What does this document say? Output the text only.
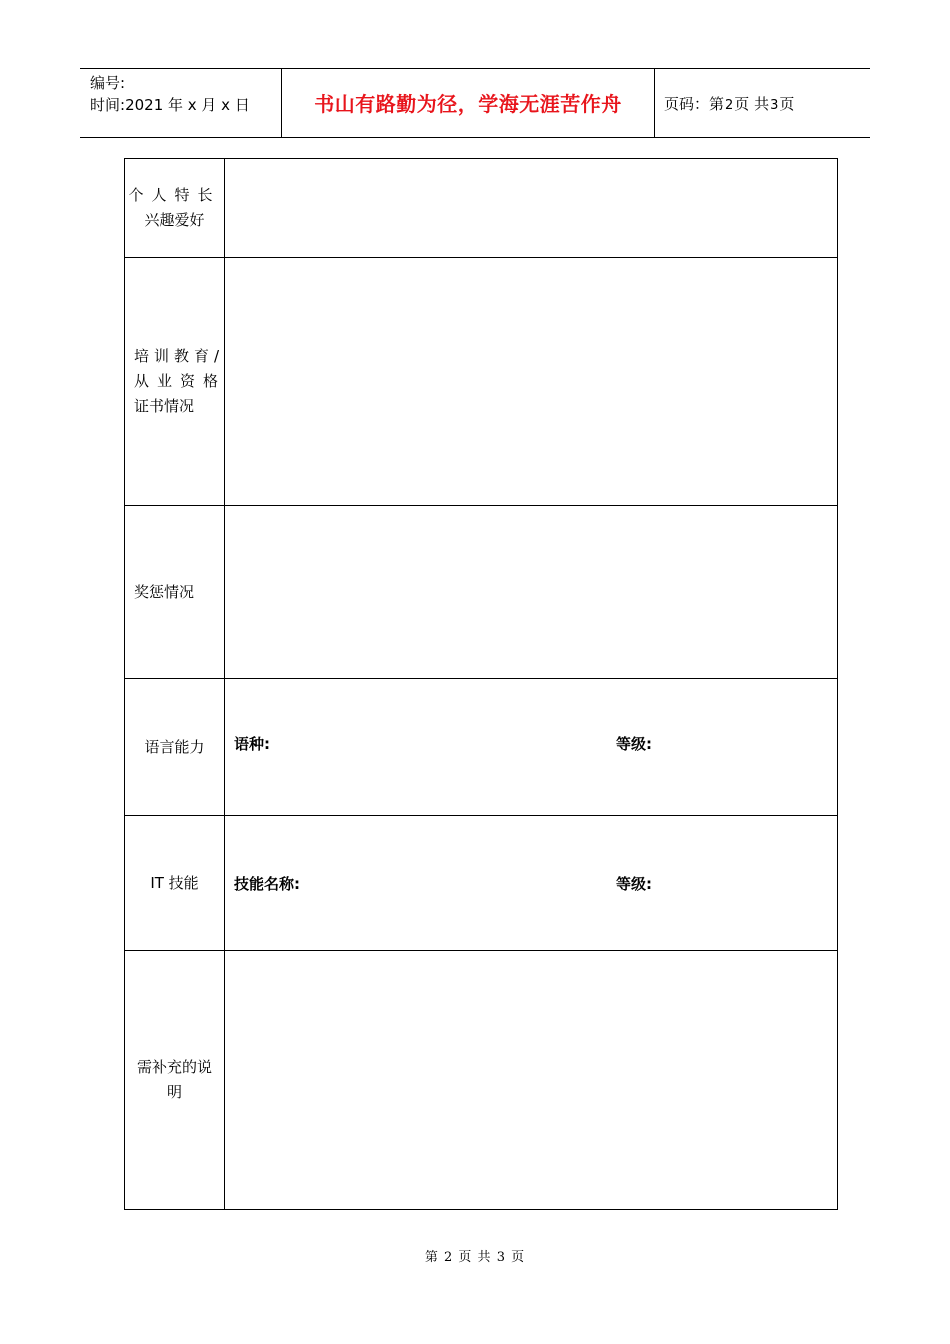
编号:
时间:2021 年 x 月 x 日	书山有路勤为径，学海无涯苦作舟	页码：第2页 共3页
个人特长
兴趣爱好
培训教育/
从业资格
证书情况
奖惩情况
语言能力 语种:	等级:
IT 技能 技能名称:	等级:
需补充的说
明
第 2 页 共 3 页
